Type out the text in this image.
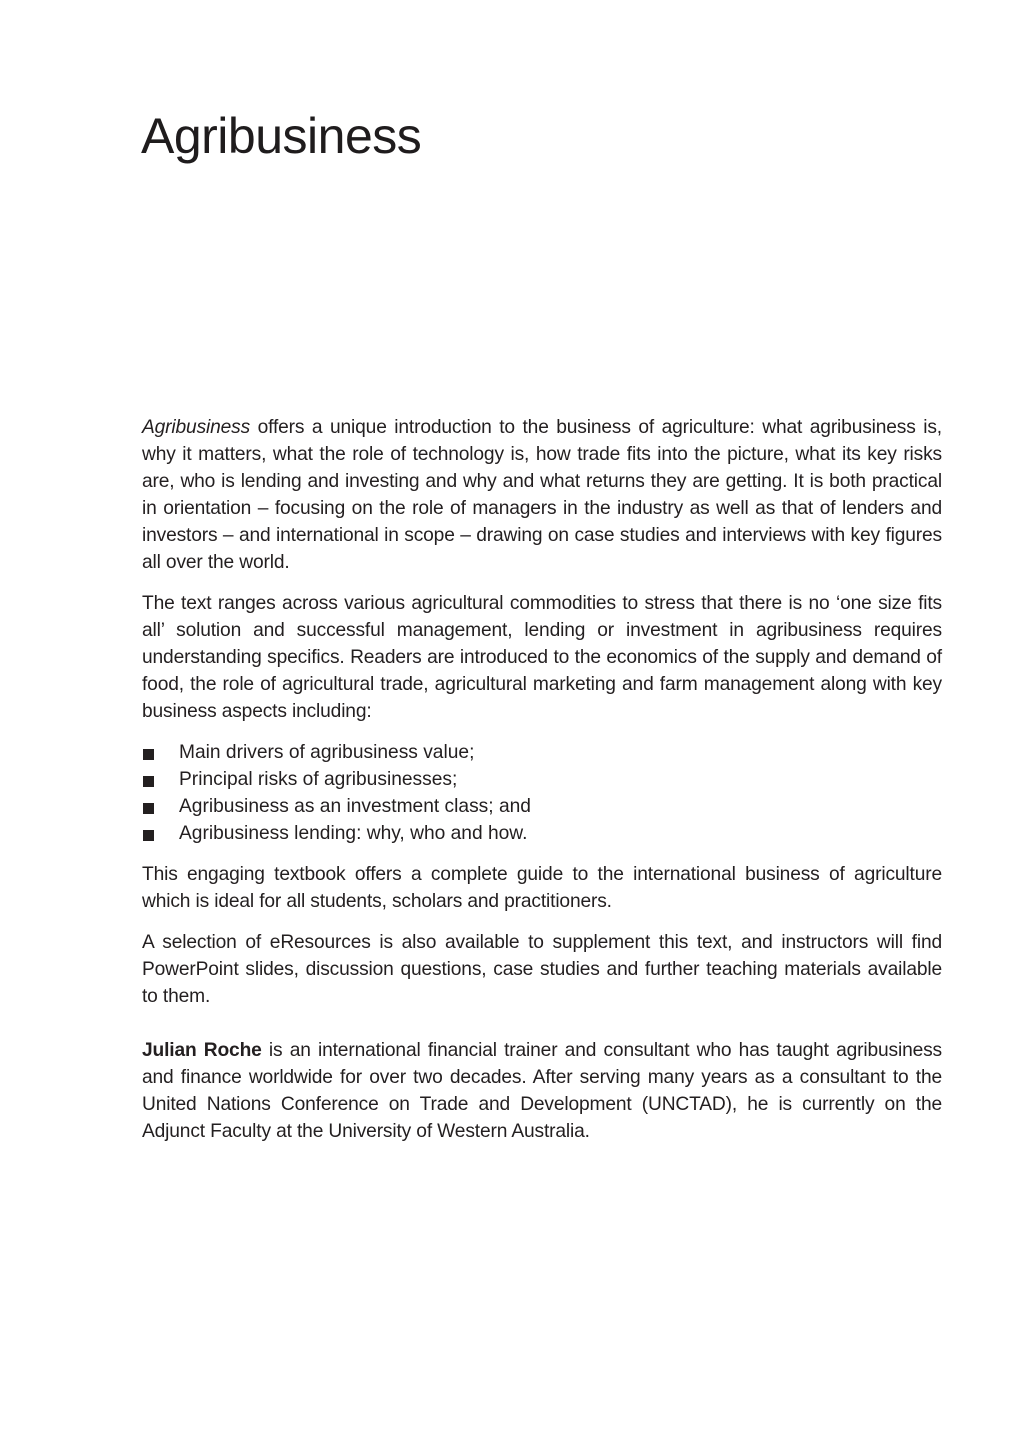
Agribusiness

Agribusiness offers a unique introduction to the business of agriculture: what agribusiness is, why it matters, what the role of technology is, how trade fits into the picture, what its key risks are, who is lending and investing and why and what returns they are getting. It is both practical in orientation – focusing on the role of managers in the industry as well as that of lenders and investors – and international in scope – drawing on case studies and interviews with key figures all over the world.

The text ranges across various agricultural commodities to stress that there is no ‘one size fits all’ solution and successful management, lending or investment in agribusiness requires understanding specifics. Readers are introduced to the economics of the supply and demand of food, the role of agricultural trade, agricultural marketing and farm management along with key business aspects including:

Main drivers of agribusiness value;
Principal risks of agribusinesses;
Agribusiness as an investment class; and
Agribusiness lending: why, who and how.

This engaging textbook offers a complete guide to the international business of agriculture which is ideal for all students, scholars and practitioners.

A selection of eResources is also available to supplement this text, and instructors will find PowerPoint slides, discussion questions, case studies and further teaching materials available to them.

Julian Roche is an international financial trainer and consultant who has taught agribusiness and finance worldwide for over two decades. After serving many years as a consultant to the United Nations Conference on Trade and Development (UNCTAD), he is currently on the Adjunct Faculty at the University of Western Australia.
